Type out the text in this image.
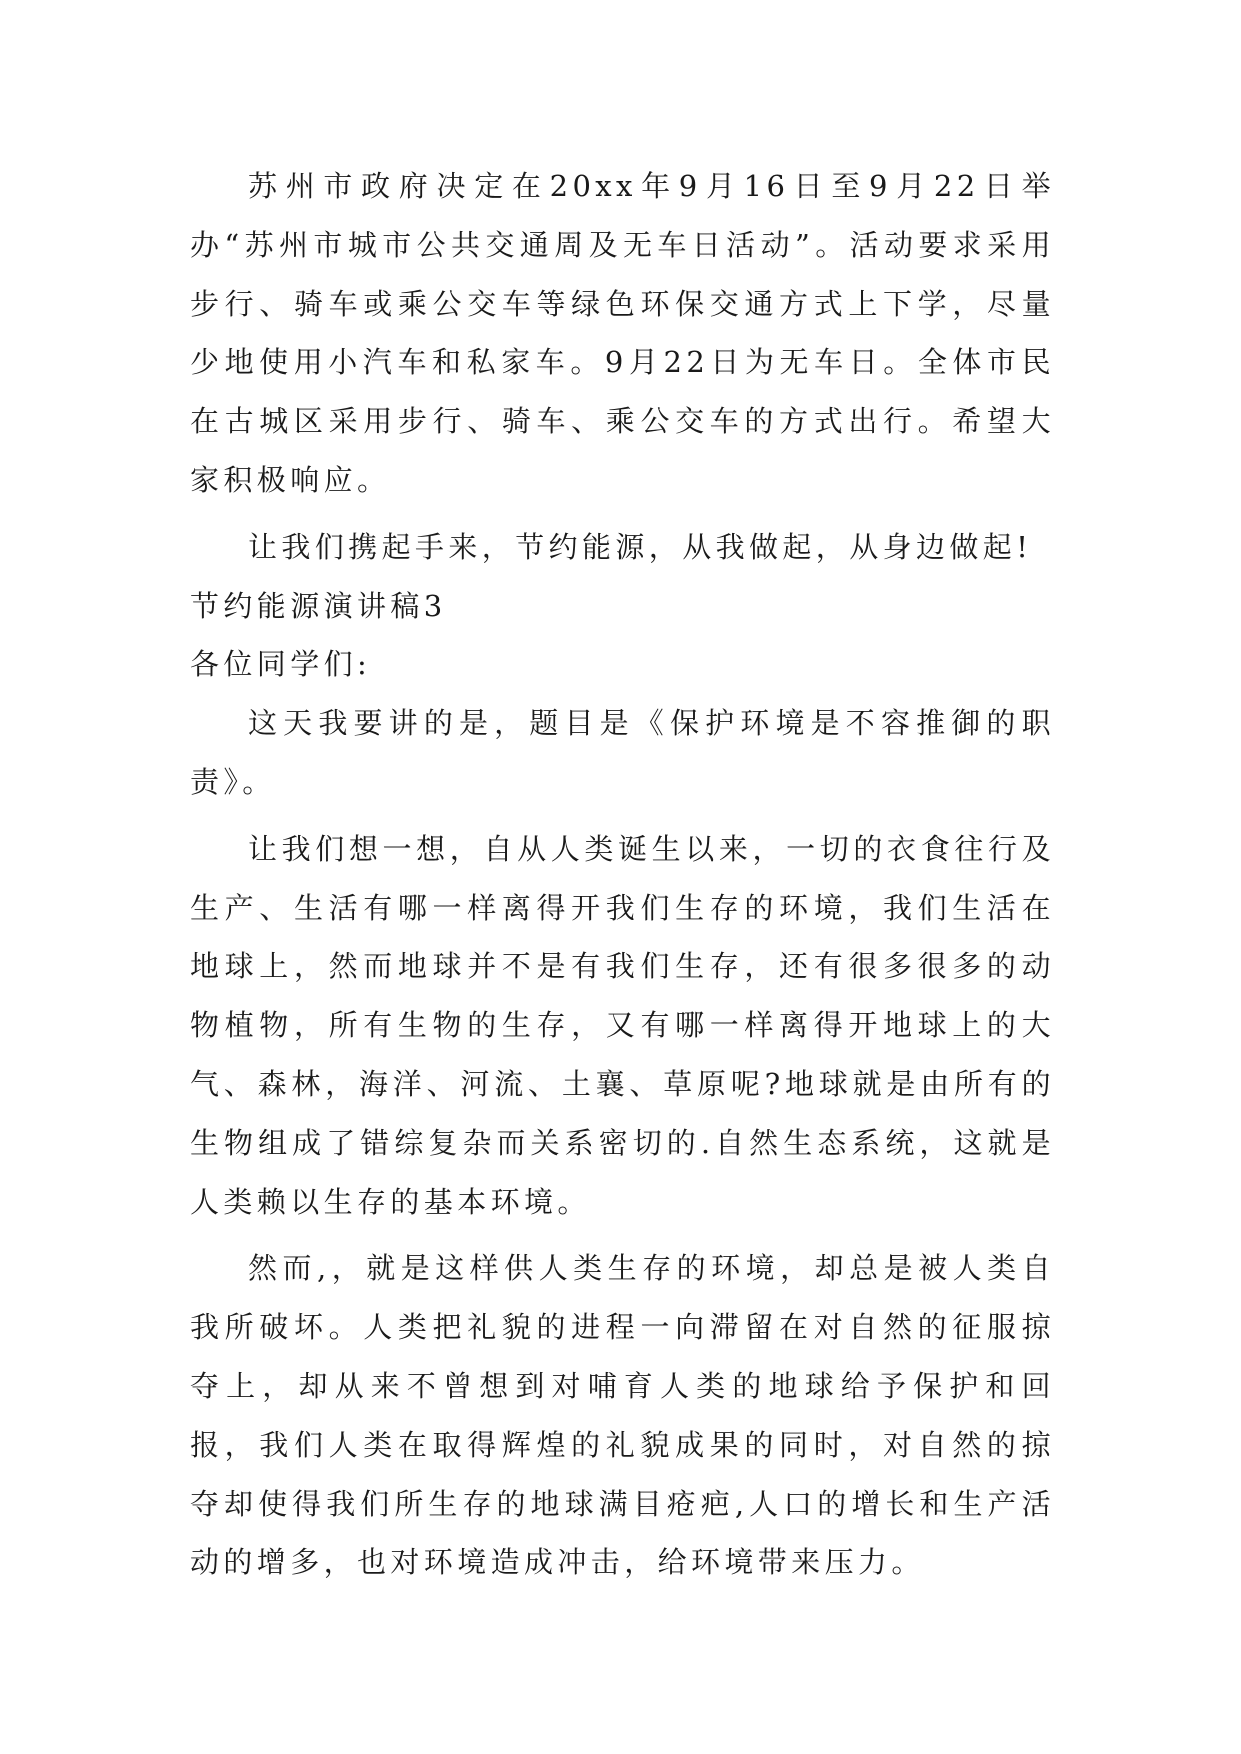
苏州市政府决定在20xx年9月16日至9月22日举办“苏州市城市公共交通周及无车日活动”。活动要求采用步行、骑车或乘公交车等绿色环保交通方式上下学，尽量少地使用小汽车和私家车。9月22日为无车日。全体市民在古城区采用步行、骑车、乘公交车的方式出行。希望大家积极响应。

让我们携起手来，节约能源，从我做起，从身边做起!

节约能源演讲稿3

各位同学们:

这天我要讲的是，题目是《保护环境是不容推御的职责》。

让我们想一想，自从人类诞生以来，一切的衣食往行及生产、生活有哪一样离得开我们生存的环境，我们生活在地球上，然而地球并不是有我们生存，还有很多很多的动物植物，所有生物的生存，又有哪一样离得开地球上的大气、森林，海洋、河流、土襄、草原呢?地球就是由所有的生物组成了错综复杂而关系密切的.自然生态系统，这就是人类赖以生存的基本环境。

然而,，就是这样供人类生存的环境，却总是被人类自我所破坏。人类把礼貌的进程一向滞留在对自然的征服掠夺上，却从来不曾想到对哺育人类的地球给予保护和回报，我们人类在取得辉煌的礼貌成果的同时，对自然的掠夺却使得我们所生存的地球满目疮疤,人口的增长和生产活动的增多，也对环境造成冲击，给环境带来压力。
